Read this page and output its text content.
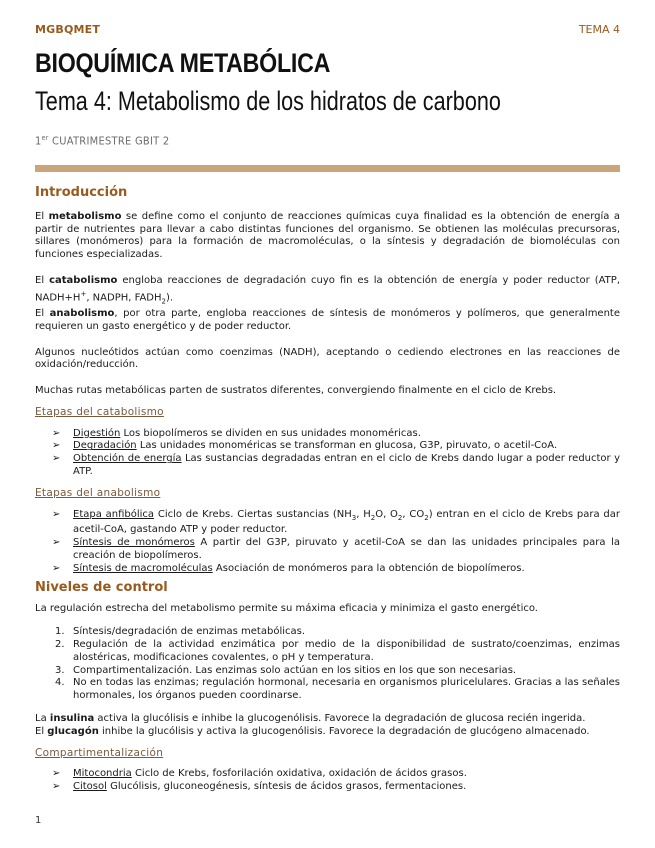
MGBQMET	TEMA 4
BIOQUÍMICA METABÓLICA
Tema 4: Metabolismo de los hidratos de carbono
1er CUATRIMESTRE GBIT 2
Introducción

El metabolismo se define como el conjunto de reacciones químicas cuya finalidad es la obtención de energía a partir de nutrientes para llevar a cabo distintas funciones del organismo. Se obtienen las moléculas precursoras, sillares (monómeros) para la formación de macromoléculas, o la síntesis y degradación de biomoléculas con funciones especializadas.

El catabolismo engloba reacciones de degradación cuyo fin es la obtención de energía y poder reductor (ATP, NADH+H+, NADPH, $FADH_2$).

El anabolismo, por otra parte, engloba reacciones de síntesis de monómeros y polímeros, que generalmente requieren un gasto energético y de poder reductor.

Algunos nucleótidos actúan como coenzimas (NADH), aceptando o cediendo electrones en las reacciones de oxidación/reducción.

Muchas rutas metabólicas parten de sustratos diferentes, convergiendo finalmente en el ciclo de Krebs.

Etapas del catabolismo
➢ Digestión Los biopolímeros se dividen en sus unidades monoméricas.
➢ Degradación Las unidades monoméricas se transforman en glucosa, G3P, piruvato, o acetil-CoA.
➢ Obtención de energía Las sustancias degradadas entran en el ciclo de Krebs dando lugar a poder reductor y ATP.
Etapas del anabolismo
➢ Etapa anfibólica Ciclo de Krebs. Ciertas sustancias ($NH_3$, $H_2O$, $O_2$, $CO_2$) entran en el ciclo de Krebs para dar acetil-CoA, gastando ATP y poder reductor.
➢ Síntesis de monómeros A partir del G3P, piruvato y acetil-CoA se dan las unidades principales para la creación de biopolímeros.
➢ Síntesis de macromoléculas Asociación de monómeros para la obtención de biopolímeros.
Niveles de control

La regulación estrecha del metabolismo permite su máxima eficacia y minimiza el gasto energético.

1. Síntesis/degradación de enzimas metabólicas.
2. Regulación de la actividad enzimática por medio de la disponibilidad de sustrato/coenzimas, enzimas alostéricas, modificaciones covalentes, o pH y temperatura.
3. Compartimentalización. Las enzimas solo actúan en los sitios en los que son necesarias.
4. No en todas las enzimas; regulación hormonal, necesaria en organismos pluricelulares. Gracias a las señales hormonales, los órganos pueden coordinarse.

La insulina activa la glucólisis e inhibe la glucogenólisis. Favorece la degradación de glucosa recién ingerida.

El glucagón inhibe la glucólisis y activa la glucogenólisis. Favorece la degradación de glucógeno almacenado.

Compartimentalización
➢ Mitocondria Ciclo de Krebs, fosforilación oxidativa, oxidación de ácidos grasos.
➢ Citosol Glucólisis, gluconeogénesis, síntesis de ácidos grasos, fermentaciones.
1
